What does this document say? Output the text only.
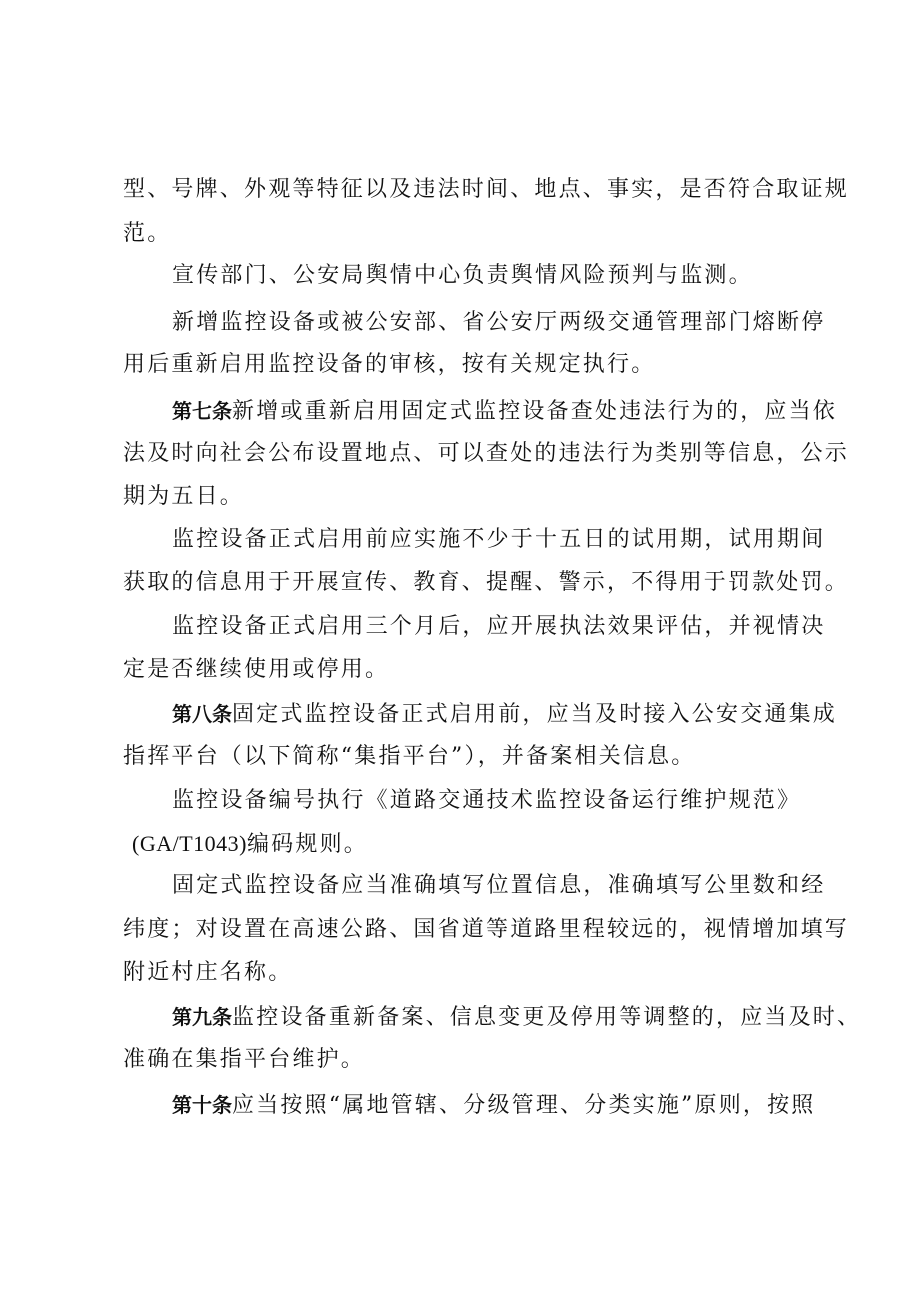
型、号牌、外观等特征以及违法时间、地点、事实，是否符合取证规
范。
宣传部门、公安局舆情中心负责舆情风险预判与监测。
新增监控设备或被公安部、省公安厅两级交通管理部门熔断停
用后重新启用监控设备的审核，按有关规定执行。
第七条新增或重新启用固定式监控设备查处违法行为的，应当依
法及时向社会公布设置地点、可以查处的违法行为类别等信息，公示
期为五日。
监控设备正式启用前应实施不少于十五日的试用期，试用期间
获取的信息用于开展宣传、教育、提醒、警示，不得用于罚款处罚。
监控设备正式启用三个月后，应开展执法效果评估，并视情决
定是否继续使用或停用。
第八条固定式监控设备正式启用前，应当及时接入公安交通集成
指挥平台（以下简称“集指平台”），并备案相关信息。
监控设备编号执行《道路交通技术监控设备运行维护规范》
(GA/T1043)编码规则。
固定式监控设备应当准确填写位置信息，准确填写公里数和经
纬度；对设置在高速公路、国省道等道路里程较远的，视情增加填写
附近村庄名称。
第九条监控设备重新备案、信息变更及停用等调整的，应当及时、
准确在集指平台维护。
第十条应当按照“属地管辖、分级管理、分类实施”原则，按照
